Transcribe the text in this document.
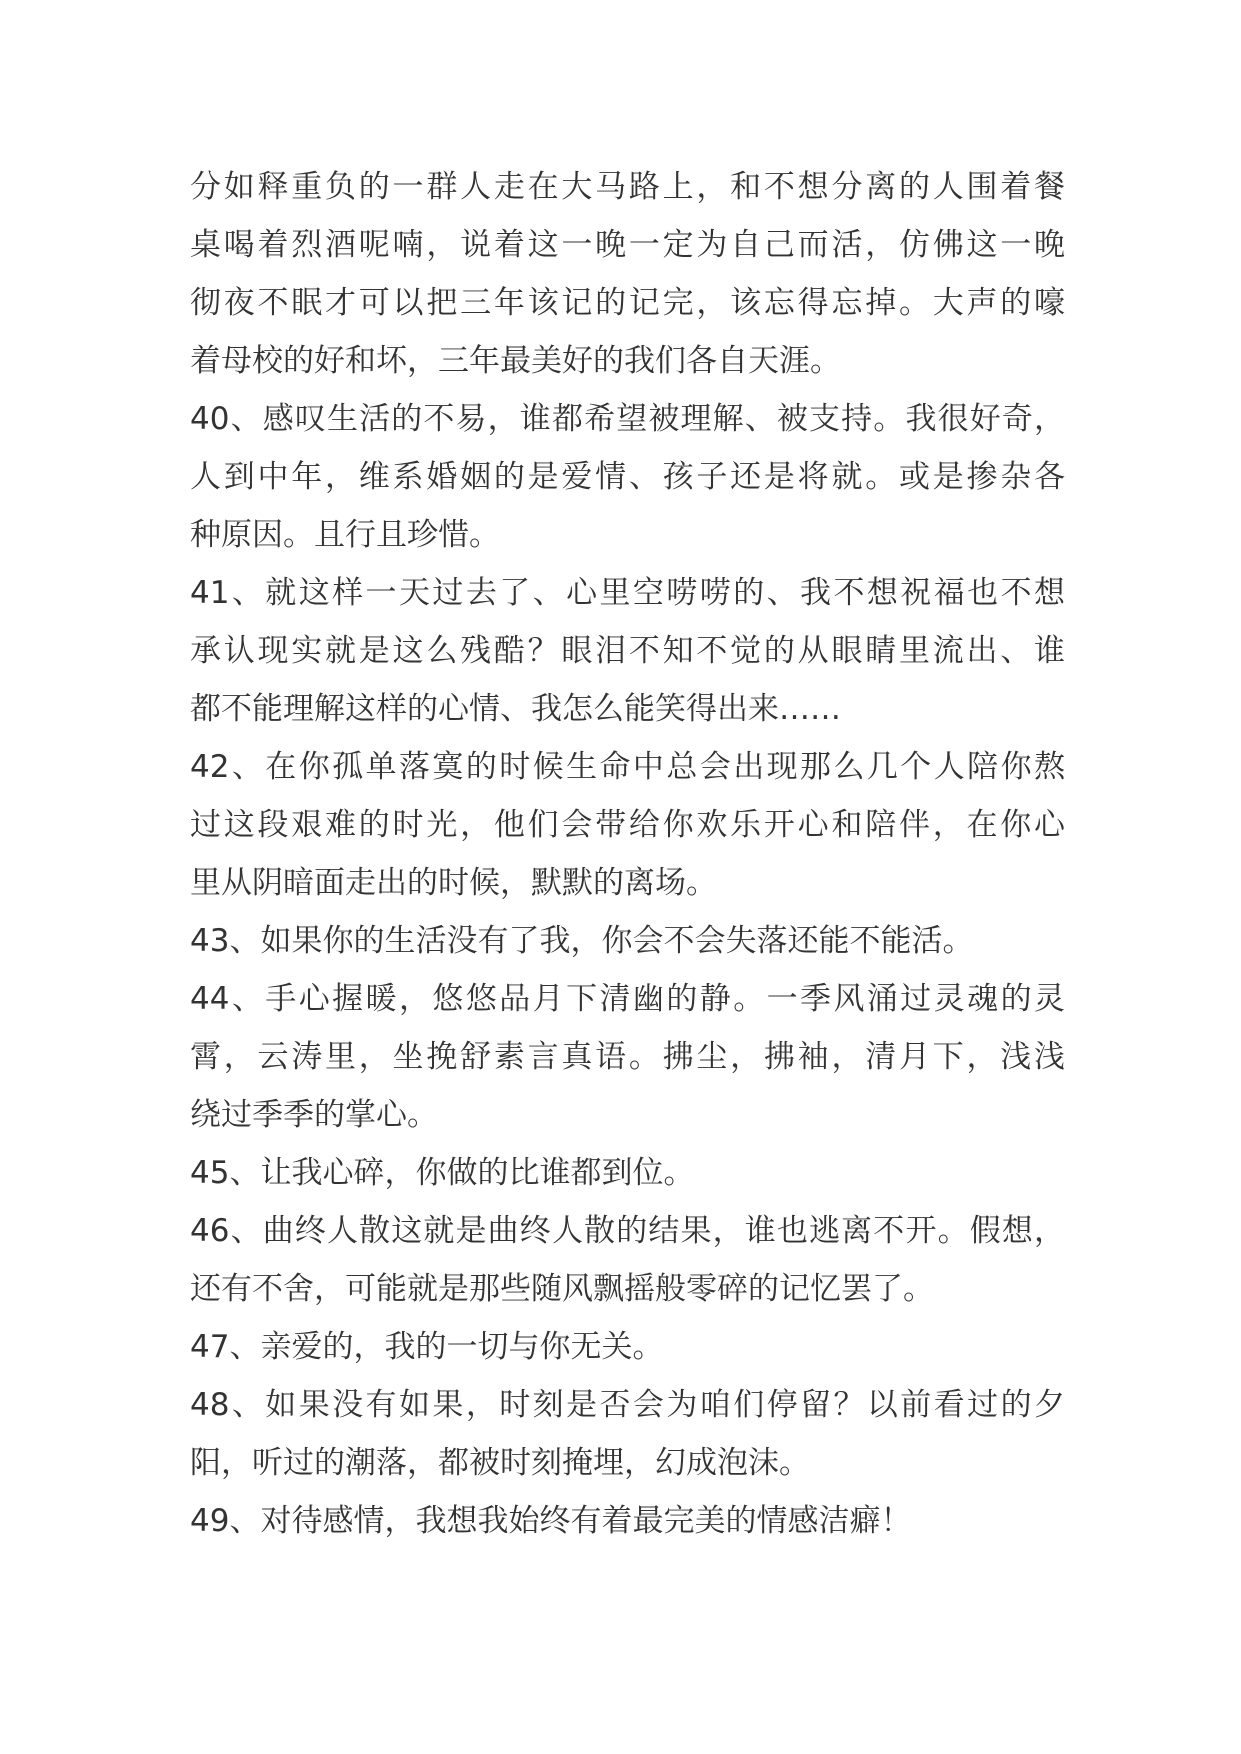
分如释重负的一群人走在大马路上，和不想分离的人围着餐
桌喝着烈酒呢喃，说着这一晚一定为自己而活，仿佛这一晚
彻夜不眠才可以把三年该记的记完，该忘得忘掉。大声的嚎
着母校的好和坏，三年最美好的我们各自天涯。
40、感叹生活的不易，谁都希望被理解、被支持。我很好奇，
人到中年，维系婚姻的是爱情、孩子还是将就。或是掺杂各
种原因。且行且珍惜。
41、就这样一天过去了、心里空唠唠的、我不想祝福也不想
承认现实就是这么残酷？眼泪不知不觉的从眼睛里流出、谁
都不能理解这样的心情、我怎么能笑得出来……
42、在你孤单落寞的时候生命中总会出现那么几个人陪你熬
过这段艰难的时光，他们会带给你欢乐开心和陪伴，在你心
里从阴暗面走出的时候，默默的离场。
43、如果你的生活没有了我，你会不会失落还能不能活。
44、手心握暖，悠悠品月下清幽的静。一季风涌过灵魂的灵
霄，云涛里，坐挽舒素言真语。拂尘，拂袖，清月下，浅浅
绕过季季的掌心。
45、让我心碎，你做的比谁都到位。
46、曲终人散这就是曲终人散的结果，谁也逃离不开。假想，
还有不舍，可能就是那些随风飘摇般零碎的记忆罢了。
47、亲爱的，我的一切与你无关。
48、如果没有如果，时刻是否会为咱们停留？以前看过的夕
阳，听过的潮落，都被时刻掩埋，幻成泡沫。
49、对待感情，我想我始终有着最完美的情感洁癖！
